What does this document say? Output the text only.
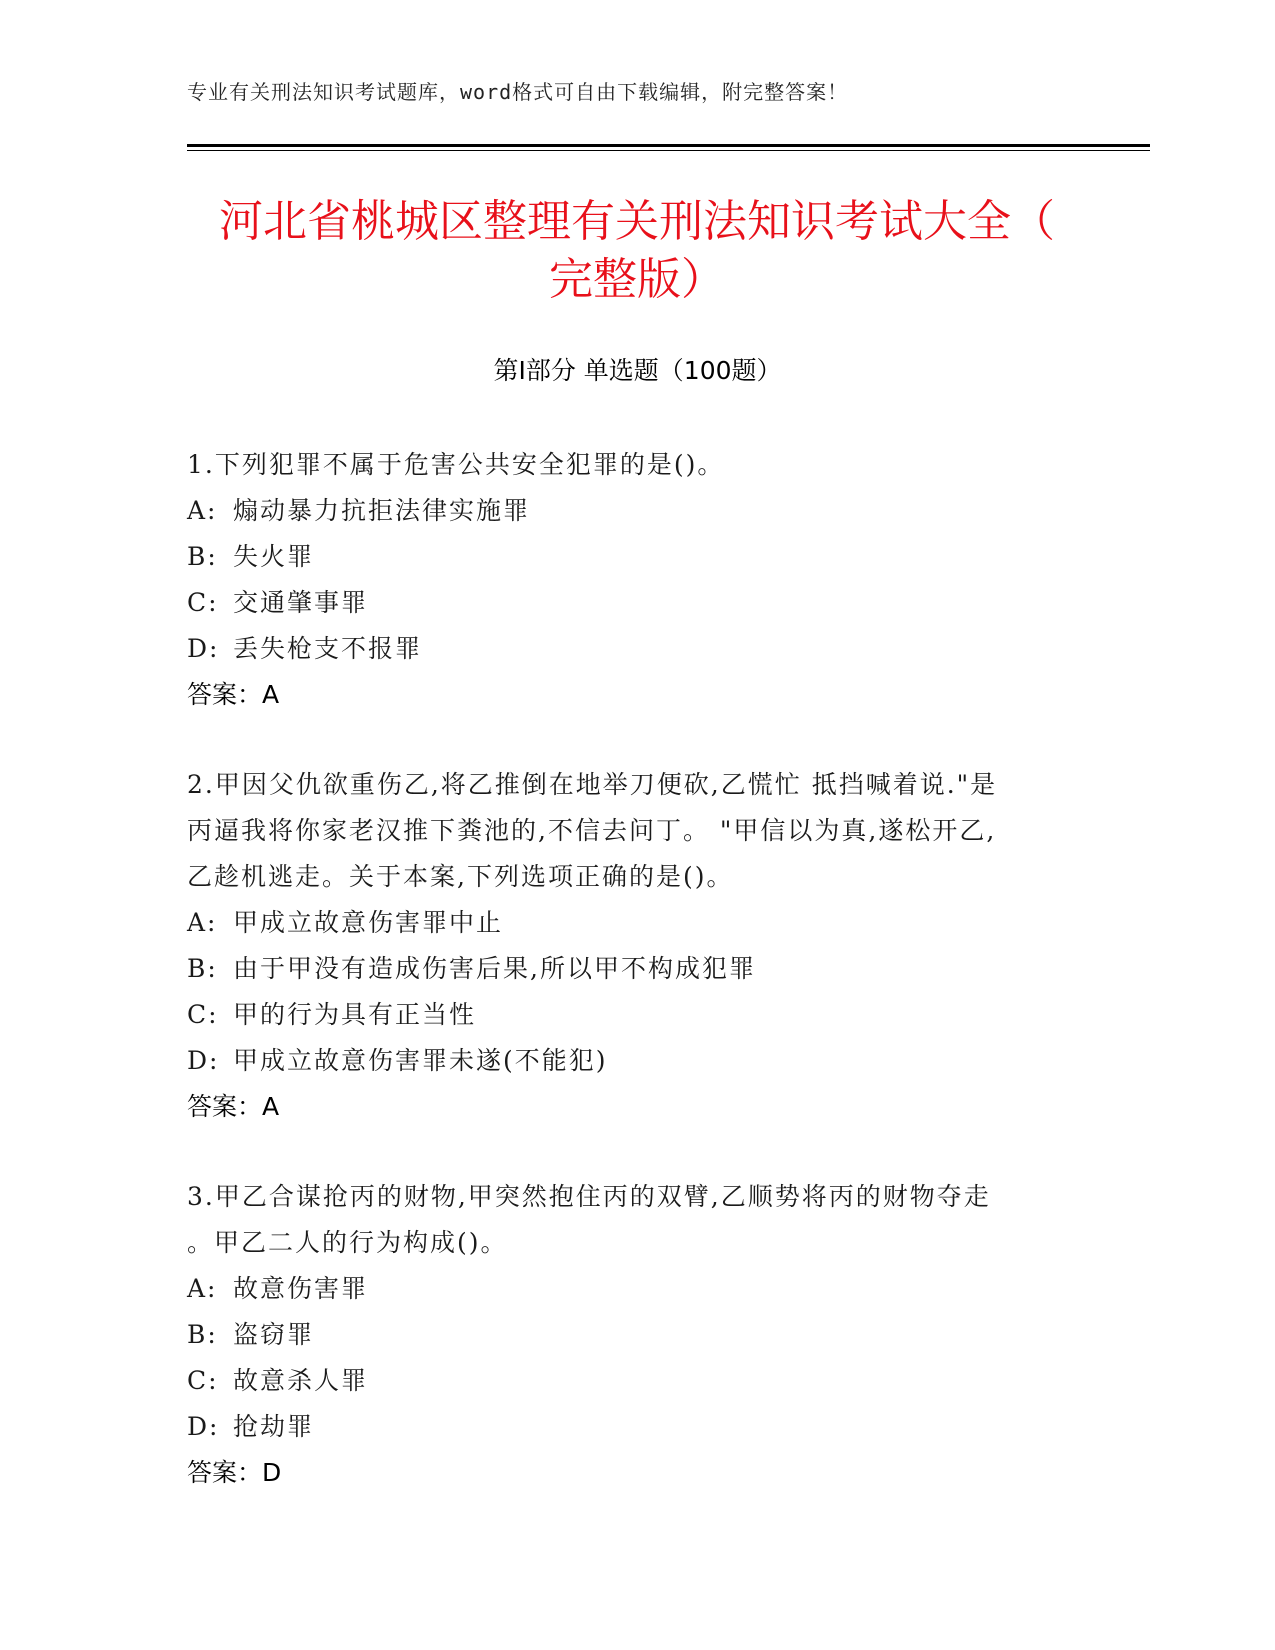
专业有关刑法知识考试题库，word格式可自由下载编辑，附完整答案！
河北省桃城区整理有关刑法知识考试大全（
完整版）
第Ⅰ部分 单选题（100题）
1.下列犯罪不属于危害公共安全犯罪的是()。
A: 煽动暴力抗拒法律实施罪
B: 失火罪
C: 交通肇事罪
D: 丢失枪支不报罪
答案：A
2.甲因父仇欲重伤乙,将乙推倒在地举刀便砍,乙慌忙 抵挡喊着说."是
丙逼我将你家老汉推下粪池的,不信去问丁。 "甲信以为真,遂松开乙,
乙趁机逃走。关于本案,下列选项正确的是()。
A: 甲成立故意伤害罪中止
B: 由于甲没有造成伤害后果,所以甲不构成犯罪
C: 甲的行为具有正当性
D: 甲成立故意伤害罪未遂(不能犯)
答案：A
3.甲乙合谋抢丙的财物,甲突然抱住丙的双臂,乙顺势将丙的财物夺走
。甲乙二人的行为构成()。
A: 故意伤害罪
B: 盗窃罪
C: 故意杀人罪
D: 抢劫罪
答案：D
